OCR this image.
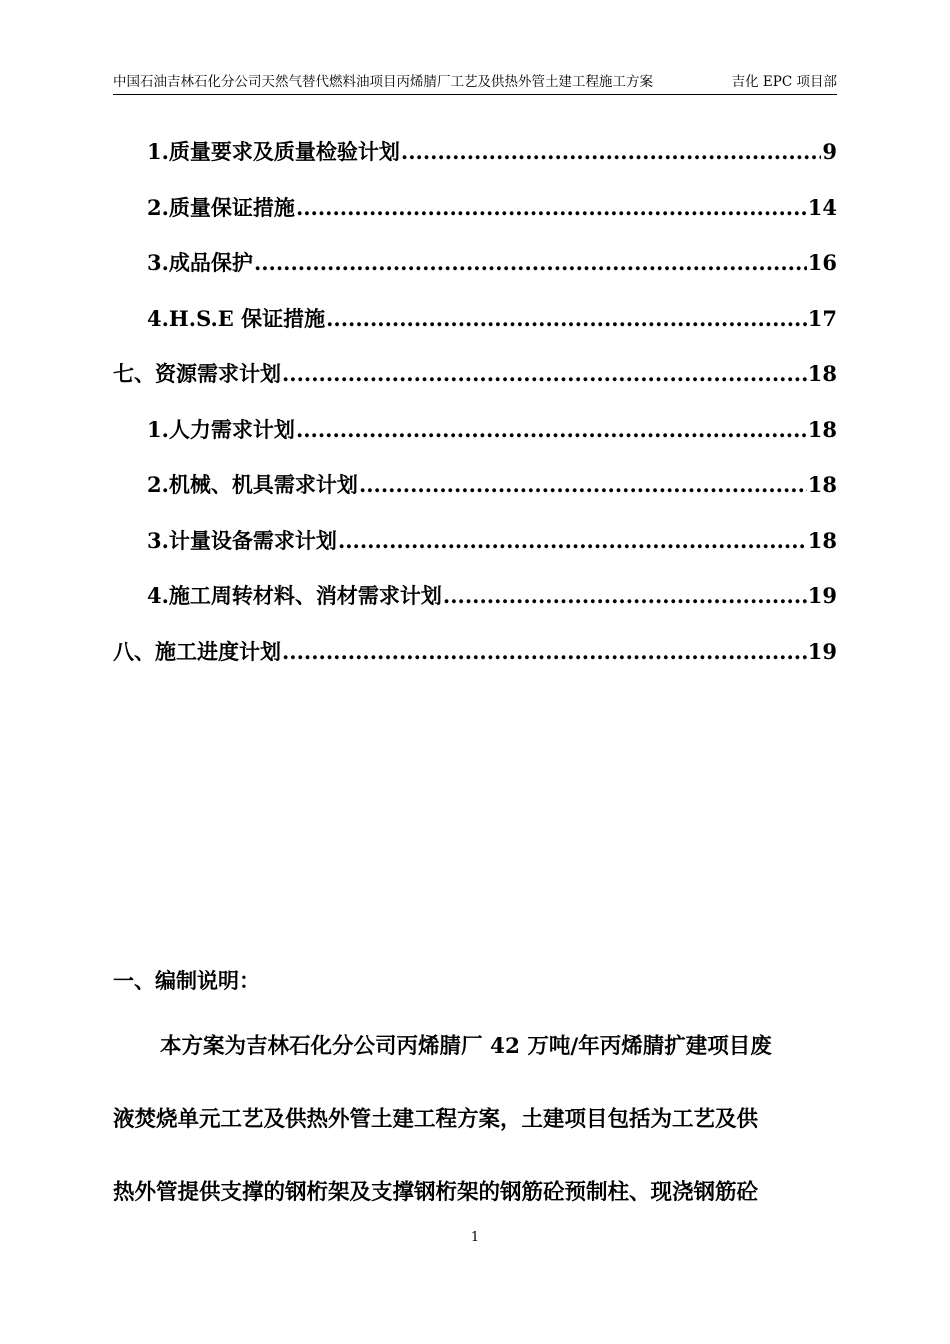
中国石油吉林石化分公司天然气替代燃料油项目丙烯腈厂工艺及供热外管土建工程施工方案	吉化 EPC 项目部
1.质量要求及质量检验计划 .....	9
2.质量保证措施 .....	14
3.成品保护 .....	16
4.H.S.E 保证措施 .....	17
七、资源需求计划 .....	18
1.人力需求计划 .....	18
2.机械、机具需求计划 .....	18
3.计量设备需求计划 .....	18
4.施工周转材料、消材需求计划 .....	19
八、施工进度计划 .....	19
一、编制说明：
本方案为吉林石化分公司丙烯腈厂 42 万吨/年丙烯腈扩建项目废
液焚烧单元工艺及供热外管土建工程方案，土建项目包括为工艺及供
热外管提供支撑的钢桁架及支撑钢桁架的钢筋砼预制柱、现浇钢筋砼
1
